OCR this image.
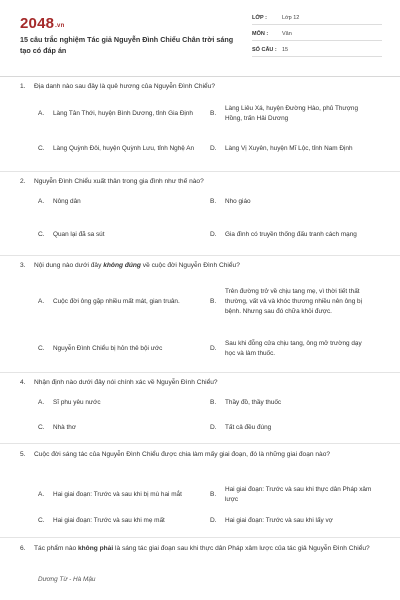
2048.vn
15 câu trắc nghiệm Tác giả Nguyễn Đình Chiểu Chân trời sáng tạo có đáp án
LỚP :	Lớp 12
MÔN :	Văn
SỐ CÂU : 15
1.	Địa danh nào sau đây là quê hương của Nguyễn Đình Chiểu?
A.	Làng Tân Thới, huyện Bình Dương, tỉnh Gia Định	B.
Làng Liêu Xá, huyện Đường Hào, phủ Thượng Hồng, trấn Hải Dương
C.	Làng Quỳnh Đôi, huyện Quỳnh Lưu, tỉnh Nghệ An	D.	Làng Vị Xuyên, huyện Mĩ Lộc, tỉnh Nam Định
2.	Nguyễn Đình Chiểu xuất thân trong gia đình như thế nào?
A.	Nông dân	B.	Nho giáo
C.	Quan lại đã sa sút	D.	Gia đình có truyền thống đấu tranh cách mạng
3.	Nội dung nào dưới đây không đúng về cuộc đời Nguyễn Đình Chiểu?
A.	Cuộc đời ông gặp nhiều mất mát, gian truân.	B.
Trên đường trở về chịu tang mẹ, vì thời tiết thất thường, vất vả và khóc thương nhiều nên ông bị bệnh. Nhưng sau đó chữa khỏi được.
C.	Nguyễn Đình Chiểu bị hỏn thê bội ước	D.
Sau khi đỗng cửa chịu tang, ông mở trường dạy học và làm thuốc.
4.	Nhận định nào dưới đây nói chính xác về Nguyễn Đình Chiểu?
A.	Sĩ phu yêu nước	B.	Thầy đồ, thầy thuốc
C.	Nhà thơ	D.	Tất cả đều đúng
5.	Cuộc đời sáng tác của Nguyễn Đình Chiểu được chia làm mấy giai đoạn, đó là những giai đoạn nào?
A.	Hai giai đoạn: Trước và sau khi bị mù hai mắt	B.
Hai giai đoạn: Trước và sau khi thực dân Pháp xâm lược
C.	Hai giai đoạn: Trước và sau khi mẹ mất	D.	Hai giai đoạn: Trước và sau khi lấy vợ
6.	Tác phẩm nào không phải là sáng tác giai đoạn sau khi thực dân Pháp xâm lược của tác giả Nguyễn Đình Chiểu?
Dương Từ - Hà Mậu
